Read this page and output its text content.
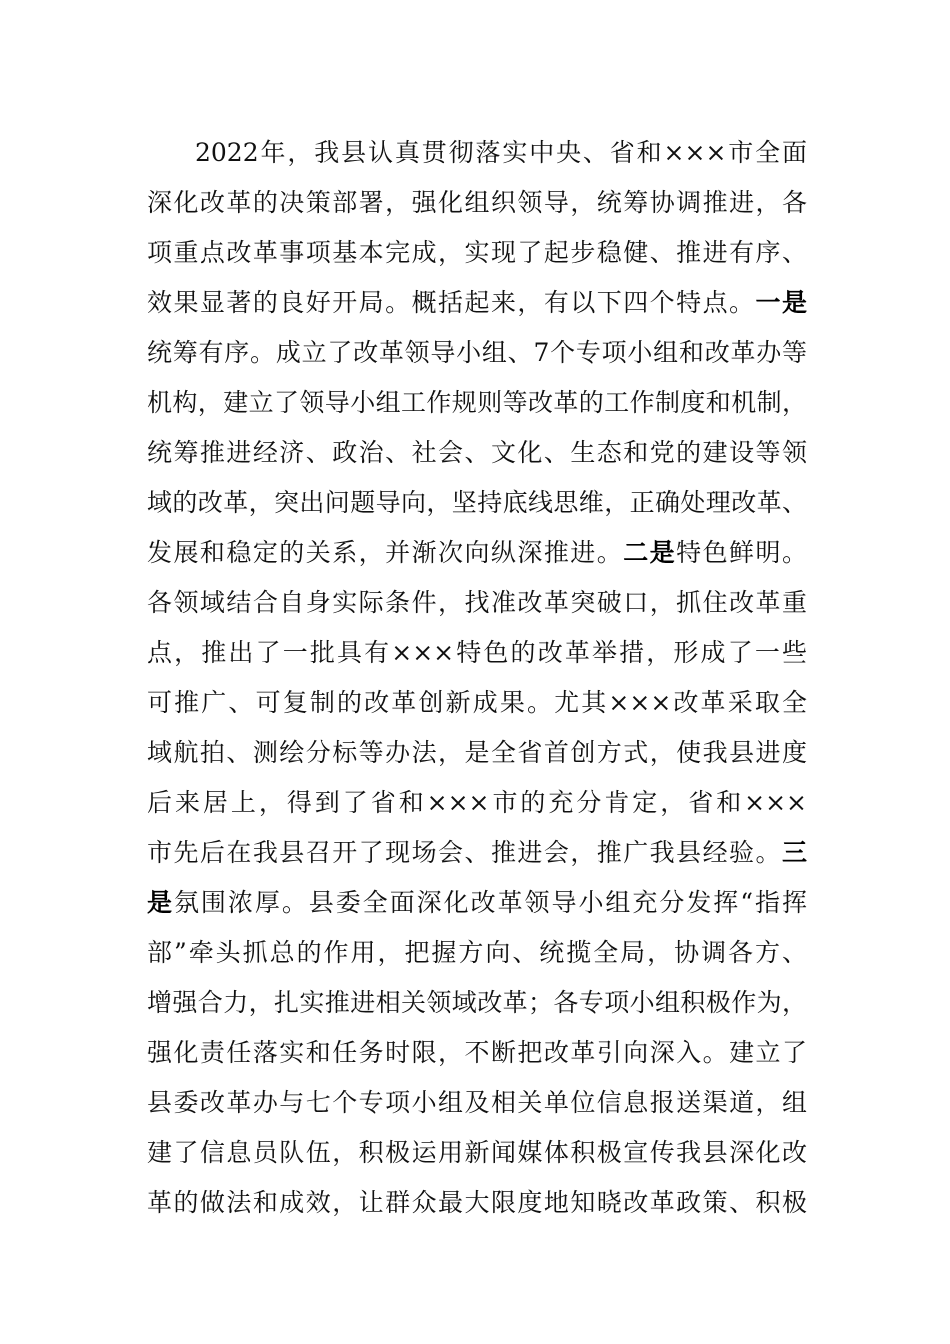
2022年，我县认真贯彻落实中央、省和×××市全面
深化改革的决策部署，强化组织领导，统筹协调推进，各
项重点改革事项基本完成，实现了起步稳健、推进有序、
效果显著的良好开局。概括起来，有以下四个特点。一是
统筹有序。成立了改革领导小组、7个专项小组和改革办等
机构，建立了领导小组工作规则等改革的工作制度和机制，
统筹推进经济、政治、社会、文化、生态和党的建设等领
域的改革，突出问题导向，坚持底线思维，正确处理改革、
发展和稳定的关系，并渐次向纵深推进。二是特色鲜明。
各领域结合自身实际条件，找准改革突破口，抓住改革重
点，推出了一批具有×××特色的改革举措，形成了一些
可推广、可复制的改革创新成果。尤其×××改革采取全
域航拍、测绘分标等办法，是全省首创方式，使我县进度
后来居上，得到了省和×××市的充分肯定，省和×××
市先后在我县召开了现场会、推进会，推广我县经验。三
是氛围浓厚。县委全面深化改革领导小组充分发挥“指挥
部”牵头抓总的作用，把握方向、统揽全局，协调各方、
增强合力，扎实推进相关领域改革；各专项小组积极作为，
强化责任落实和任务时限，不断把改革引向深入。建立了
县委改革办与七个专项小组及相关单位信息报送渠道，组
建了信息员队伍，积极运用新闻媒体积极宣传我县深化改
革的做法和成效，让群众最大限度地知晓改革政策、积极
